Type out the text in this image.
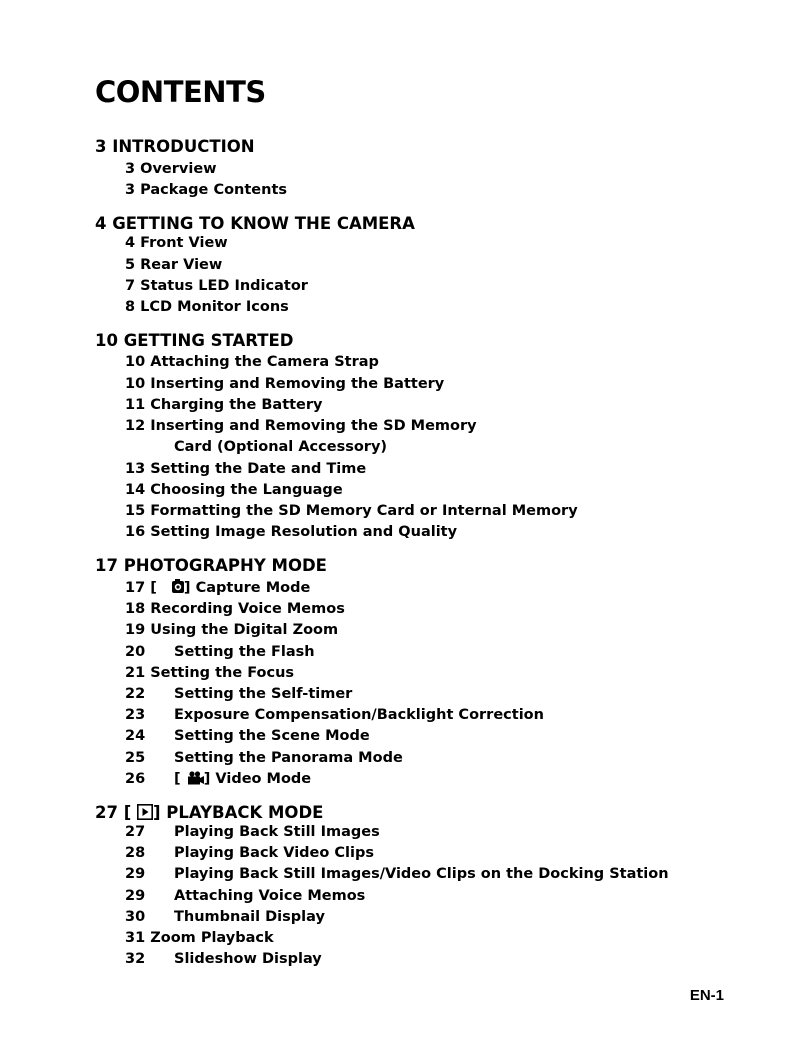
CONTENTS
3 INTRODUCTION
3 Overview
3 Package Contents
4 GETTING TO KNOW THE CAMERA
4 Front View
5 Rear View
7 Status LED Indicator
8 LCD Monitor Icons
10 GETTING STARTED
10 Attaching the Camera Strap
10 Inserting and Removing the Battery
11 Charging the Battery
12 Inserting and Removing the SD Memory
Card (Optional Accessory)
13 Setting the Date and Time
14 Choosing the Language
15 Formatting the SD Memory Card or Internal Memory
16 Setting Image Resolution and Quality
17 PHOTOGRAPHY MODE
17 [ ] Capture Mode
18 Recording Voice Memos
19 Using the Digital Zoom
20 Setting the Flash
21 Setting the Focus
22 Setting the Self-timer
23 Exposure Compensation/Backlight Correction
24 Setting the Scene Mode
25 Setting the Panorama Mode
26 [ ] Video Mode
27 [ ] PLAYBACK MODE
27 Playing Back Still Images
28 Playing Back Video Clips
29 Playing Back Still Images/Video Clips on the Docking Station
29 Attaching Voice Memos
30 Thumbnail Display
31 Zoom Playback
32 Slideshow Display
EN-1
